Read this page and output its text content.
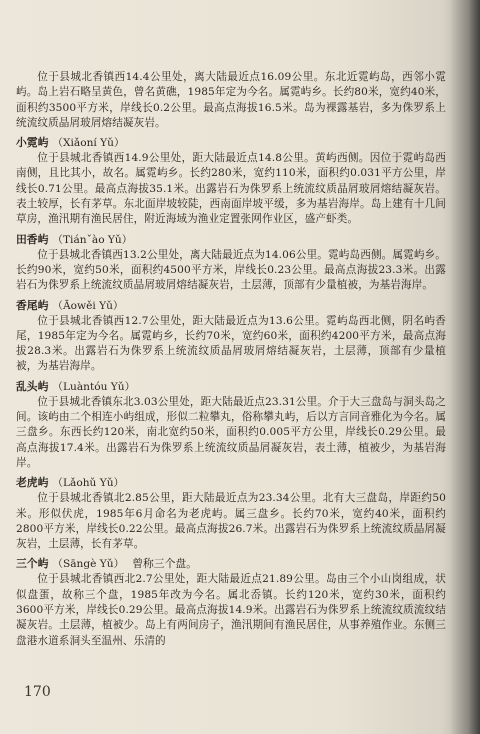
位于县城北香镇西14.4公里处，离大陆最近点16.09公里。东北近霓屿岛，西邻小霓屿。岛上岩石略呈黄色，曾名黄礁，1985年定为今名。属霓屿乡。长约80米，宽约40米，面积约3500平方米，岸线长0.2公里。最高点海拔16.5米。岛为裸露基岩，多为侏罗系上统流纹质晶屑玻屑熔结凝灰岩。

小霓屿 （Xiǎoní Yǔ）

位于县城北香镇西14.9公里处，距大陆最近点14.8公里。黄屿西侧。因位于霓屿岛西南侧，且比其小，故名。属霓屿乡。长约280米，宽约110米，面积约0.031平方公里，岸线长0.71公里。最高点海拔35.1米。出露岩石为侏罗系上统流纹质晶屑玻屑熔结凝灰岩。表土较厚，长有茅草。东北面岸坡较陡，西南面岸坡平缓，多为基岩海岸。岛上建有十几间草房，渔汛期有渔民居住，附近海域为渔业定置张网作业区，盛产虾类。

田香屿 （Tiánˇào Yǔ）

位于县城北香镇西13.2公里处，离大陆最近点为14.06公里。霓屿岛西侧。属霓屿乡。长约90米，宽约50米，面积约4500平方米，岸线长0.23公里。最高点海拔23.3米。出露岩石为侏罗系上统流纹质晶屑玻屑熔结凝灰岩，土层薄，顶部有少量植被，为基岩海岸。

香尾屿 （Āowěi Yǔ）

位于县城北香镇西12.7公里处，距大陆最近点为13.6公里。霓屿岛西北侧，阴名屿香尾，1985年定为今名。属霓屿乡，长约70米，宽约60米，面积约4200平方米，最高点海拔28.3米。出露岩石为侏罗系上统流纹质晶屑玻屑熔结凝灰岩，土层薄，顶部有少量植被，为基岩海岸。

乱头屿 （Luàntóu Yǔ）

位于县城北香镇东北3.03公里处，距大陆最近点23.31公里。介于大三盘岛与洞头岛之间。该屿由二个相连小屿组成，形似二粒攀丸，俗称攀丸屿，后以方言同音雅化为今名。属三盘乡。东西长约120米，南北宽约50米，面积约0.005平方公里，岸线长0.29公里。最高点海拔17.4米。出露岩石为侏罗系上统流纹质晶屑凝灰岩，表土薄，植被少，为基岩海岸。

老虎屿 （Lǎohǔ Yǔ）

位于县城北香镇北2.85公里，距大陆最近点为23.34公里。北有大三盘岛，岸距约50米。形似伏虎，1985年6月命名为老虎屿。属三盘乡。长约70米，宽约40米，面积约2800平方米，岸线长0.22公里。最高点海拔26.7米。出露岩石为侏罗系上统流纹质晶屑凝灰岩，土层薄，长有茅草。

三个屿 （Sāngè Yǔ） 曾称三个盘。

位于县城北香镇西北2.7公里处，距大陆最近点21.89公里。岛由三个小山岗组成，状似盘蛋，故称三个盘，1985年改为今名。属北岙镇。长约120米，宽约30米，面积约3600平方米，岸线长0.29公里。最高点海拔14.9米。出露岩石为侏罗系上统流纹质流纹结凝灰岩。土层薄，植被少。岛上有两间房子，渔汛期间有渔民居住，从事养殖作业。东侧三盘港水道系洞头至温州、乐清的

170
